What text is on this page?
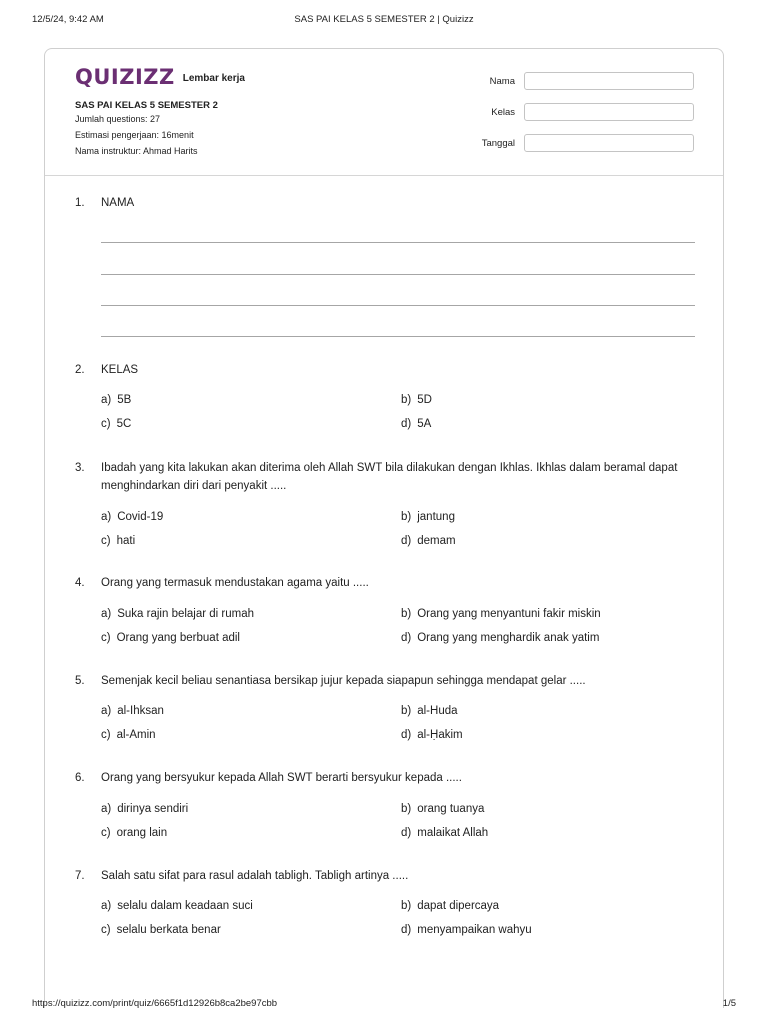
12/5/24, 9:42 AM	SAS PAI KELAS 5 SEMESTER 2 | Quizizz
QUIZIZZ Lembar kerja
SAS PAI KELAS 5 SEMESTER 2
Jumlah questions: 27
Estimasi pengerjaan: 16menit
Nama instruktur: Ahmad Harits
Nama
Kelas
Tanggal
1. NAMA
2. KELAS
a) 5B	b) 5D
c) 5C	d) 5A
3. Ibadah yang kita lakukan akan diterima oleh Allah SWT bila dilakukan dengan Ikhlas. Ikhlas dalam beramal dapat menghindarkan diri dari penyakit .....
a) Covid-19	b) jantung
c) hati	d) demam
4. Orang yang termasuk mendustakan agama yaitu .....
a) Suka rajin belajar di rumah	b) Orang yang menyantuni fakir miskin
c) Orang yang berbuat adil	d) Orang yang menghardik anak yatim
5. Semenjak kecil beliau senantiasa bersikap jujur kepada siapapun sehingga mendapat gelar .....
a) al-Ihksan	b) al-Huda
c) al-Amin	d) al-Ḥakim
6. Orang yang bersyukur kepada Allah SWT berarti bersyukur kepada .....
a) dirinya sendiri	b) orang tuanya
c) orang lain	d) malaikat Allah
7. Salah satu sifat para rasul adalah tabligh. Tabligh artinya .....
a) selalu dalam keadaan suci	b) dapat dipercaya
c) selalu berkata benar	d) menyampaikan wahyu
https://quizizz.com/print/quiz/6665f1d12926b8ca2be97cbb	1/5
